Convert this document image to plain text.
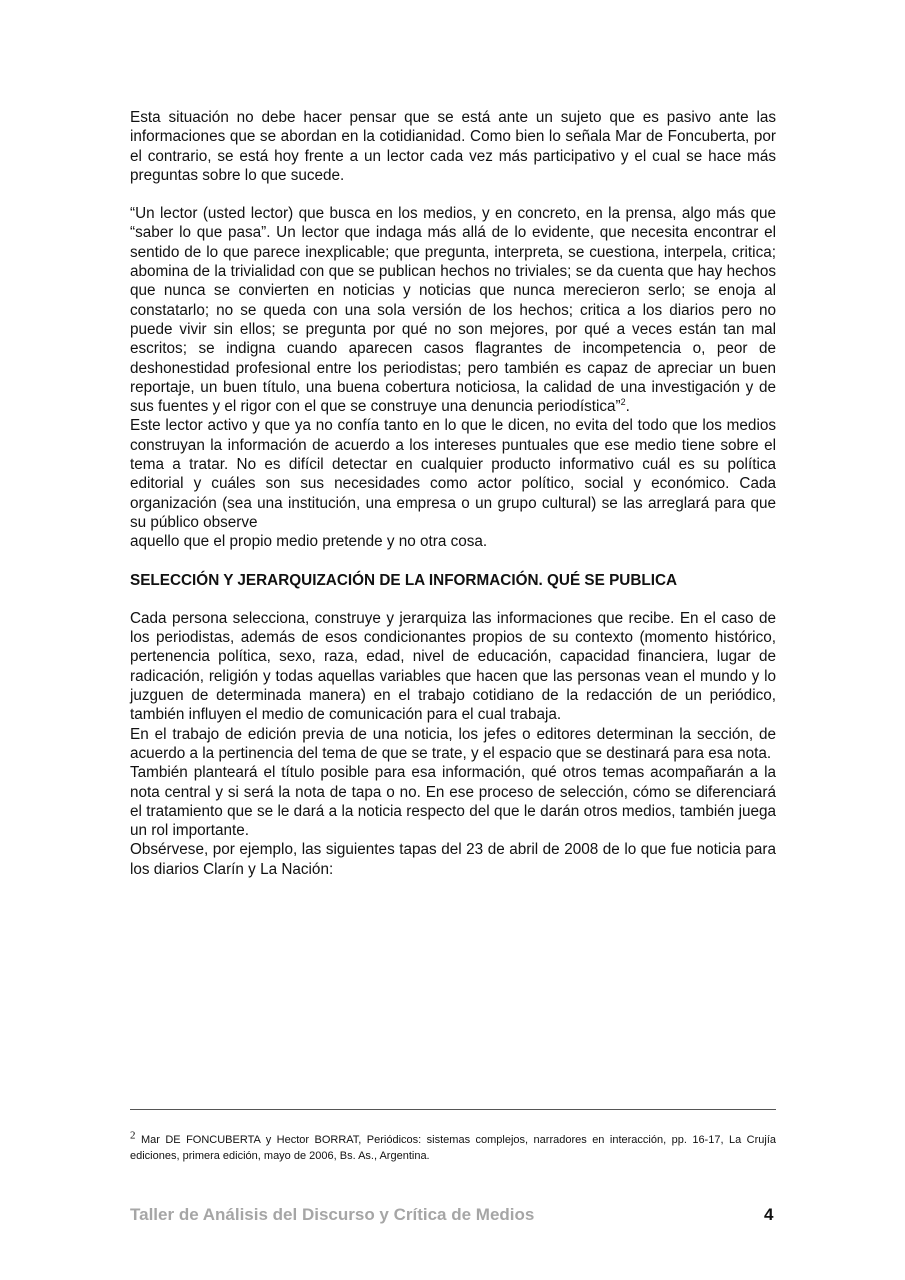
Esta situación no debe hacer pensar que se está ante un sujeto que es pasivo ante las informaciones que se abordan en la cotidianidad. Como bien lo señala Mar de Foncuberta, por el contrario, se está hoy frente a un lector cada vez más participativo y el cual se hace más preguntas sobre lo que sucede.

“Un lector (usted lector) que busca en los medios, y en concreto, en la prensa, algo más que “saber lo que pasa”. Un lector que indaga más allá de lo evidente, que necesita encontrar el sentido de lo que parece inexplicable; que pregunta, interpreta, se cuestiona, interpela, critica; abomina de la trivialidad con que se publican hechos no triviales; se da cuenta que hay hechos que nunca se convierten en noticias y noticias que nunca merecieron serlo; se enoja al constatarlo; no se queda con una sola versión de los hechos; critica a los diarios pero no puede vivir sin ellos; se pregunta por qué no son mejores, por qué a veces están tan mal escritos; se indigna cuando aparecen casos flagrantes de incompetencia o, peor de deshonestidad profesional entre los periodistas; pero también es capaz de apreciar un buen reportaje, un buen título, una buena cobertura noticiosa, la calidad de una investigación y de sus fuentes y el rigor con el que se construye una denuncia periodística”$^2$.

Este lector activo y que ya no confía tanto en lo que le dicen, no evita del todo que los medios construyan la información de acuerdo a los intereses puntuales que ese medio tiene sobre el tema a tratar. No es difícil detectar en cualquier producto informativo cuál es su política editorial y cuáles son sus necesidades como actor político, social y económico. Cada organización (sea una institución, una empresa o un grupo cultural) se las arreglará para que su público observe

aquello que el propio medio pretende y no otra cosa.

SELECCIÓN Y JERARQUIZACIÓN DE LA INFORMACIÓN. QUÉ SE PUBLICA

Cada persona selecciona, construye y jerarquiza las informaciones que recibe. En el caso de los periodistas, además de esos condicionantes propios de su contexto (momento histórico, pertenencia política, sexo, raza, edad, nivel de educación, capacidad financiera, lugar de radicación, religión y todas aquellas variables que hacen que las personas vean el mundo y lo juzguen de determinada manera) en el trabajo cotidiano de la redacción de un periódico, también influyen el medio de comunicación para el cual trabaja.

En el trabajo de edición previa de una noticia, los jefes o editores determinan la sección, de acuerdo a la pertinencia del tema de que se trate, y el espacio que se destinará para esa nota.

También planteará el título posible para esa información, qué otros temas acompañarán a la nota central y si será la nota de tapa o no. En ese proceso de selección, cómo se diferenciará el tratamiento que se le dará a la noticia respecto del que le darán otros medios, también juega un rol importante.

Obsérvese, por ejemplo, las siguientes tapas del 23 de abril de 2008 de lo que fue noticia para los diarios Clarín y La Nación:

2 Mar DE FONCUBERTA y Hector BORRAT, Periódicos: sistemas complejos, narradores en interacción, pp. 16-17, La Crujía ediciones, primera edición, mayo de 2006, Bs. As., Argentina.
Taller de Análisis del Discurso y Crítica de Medios	4
